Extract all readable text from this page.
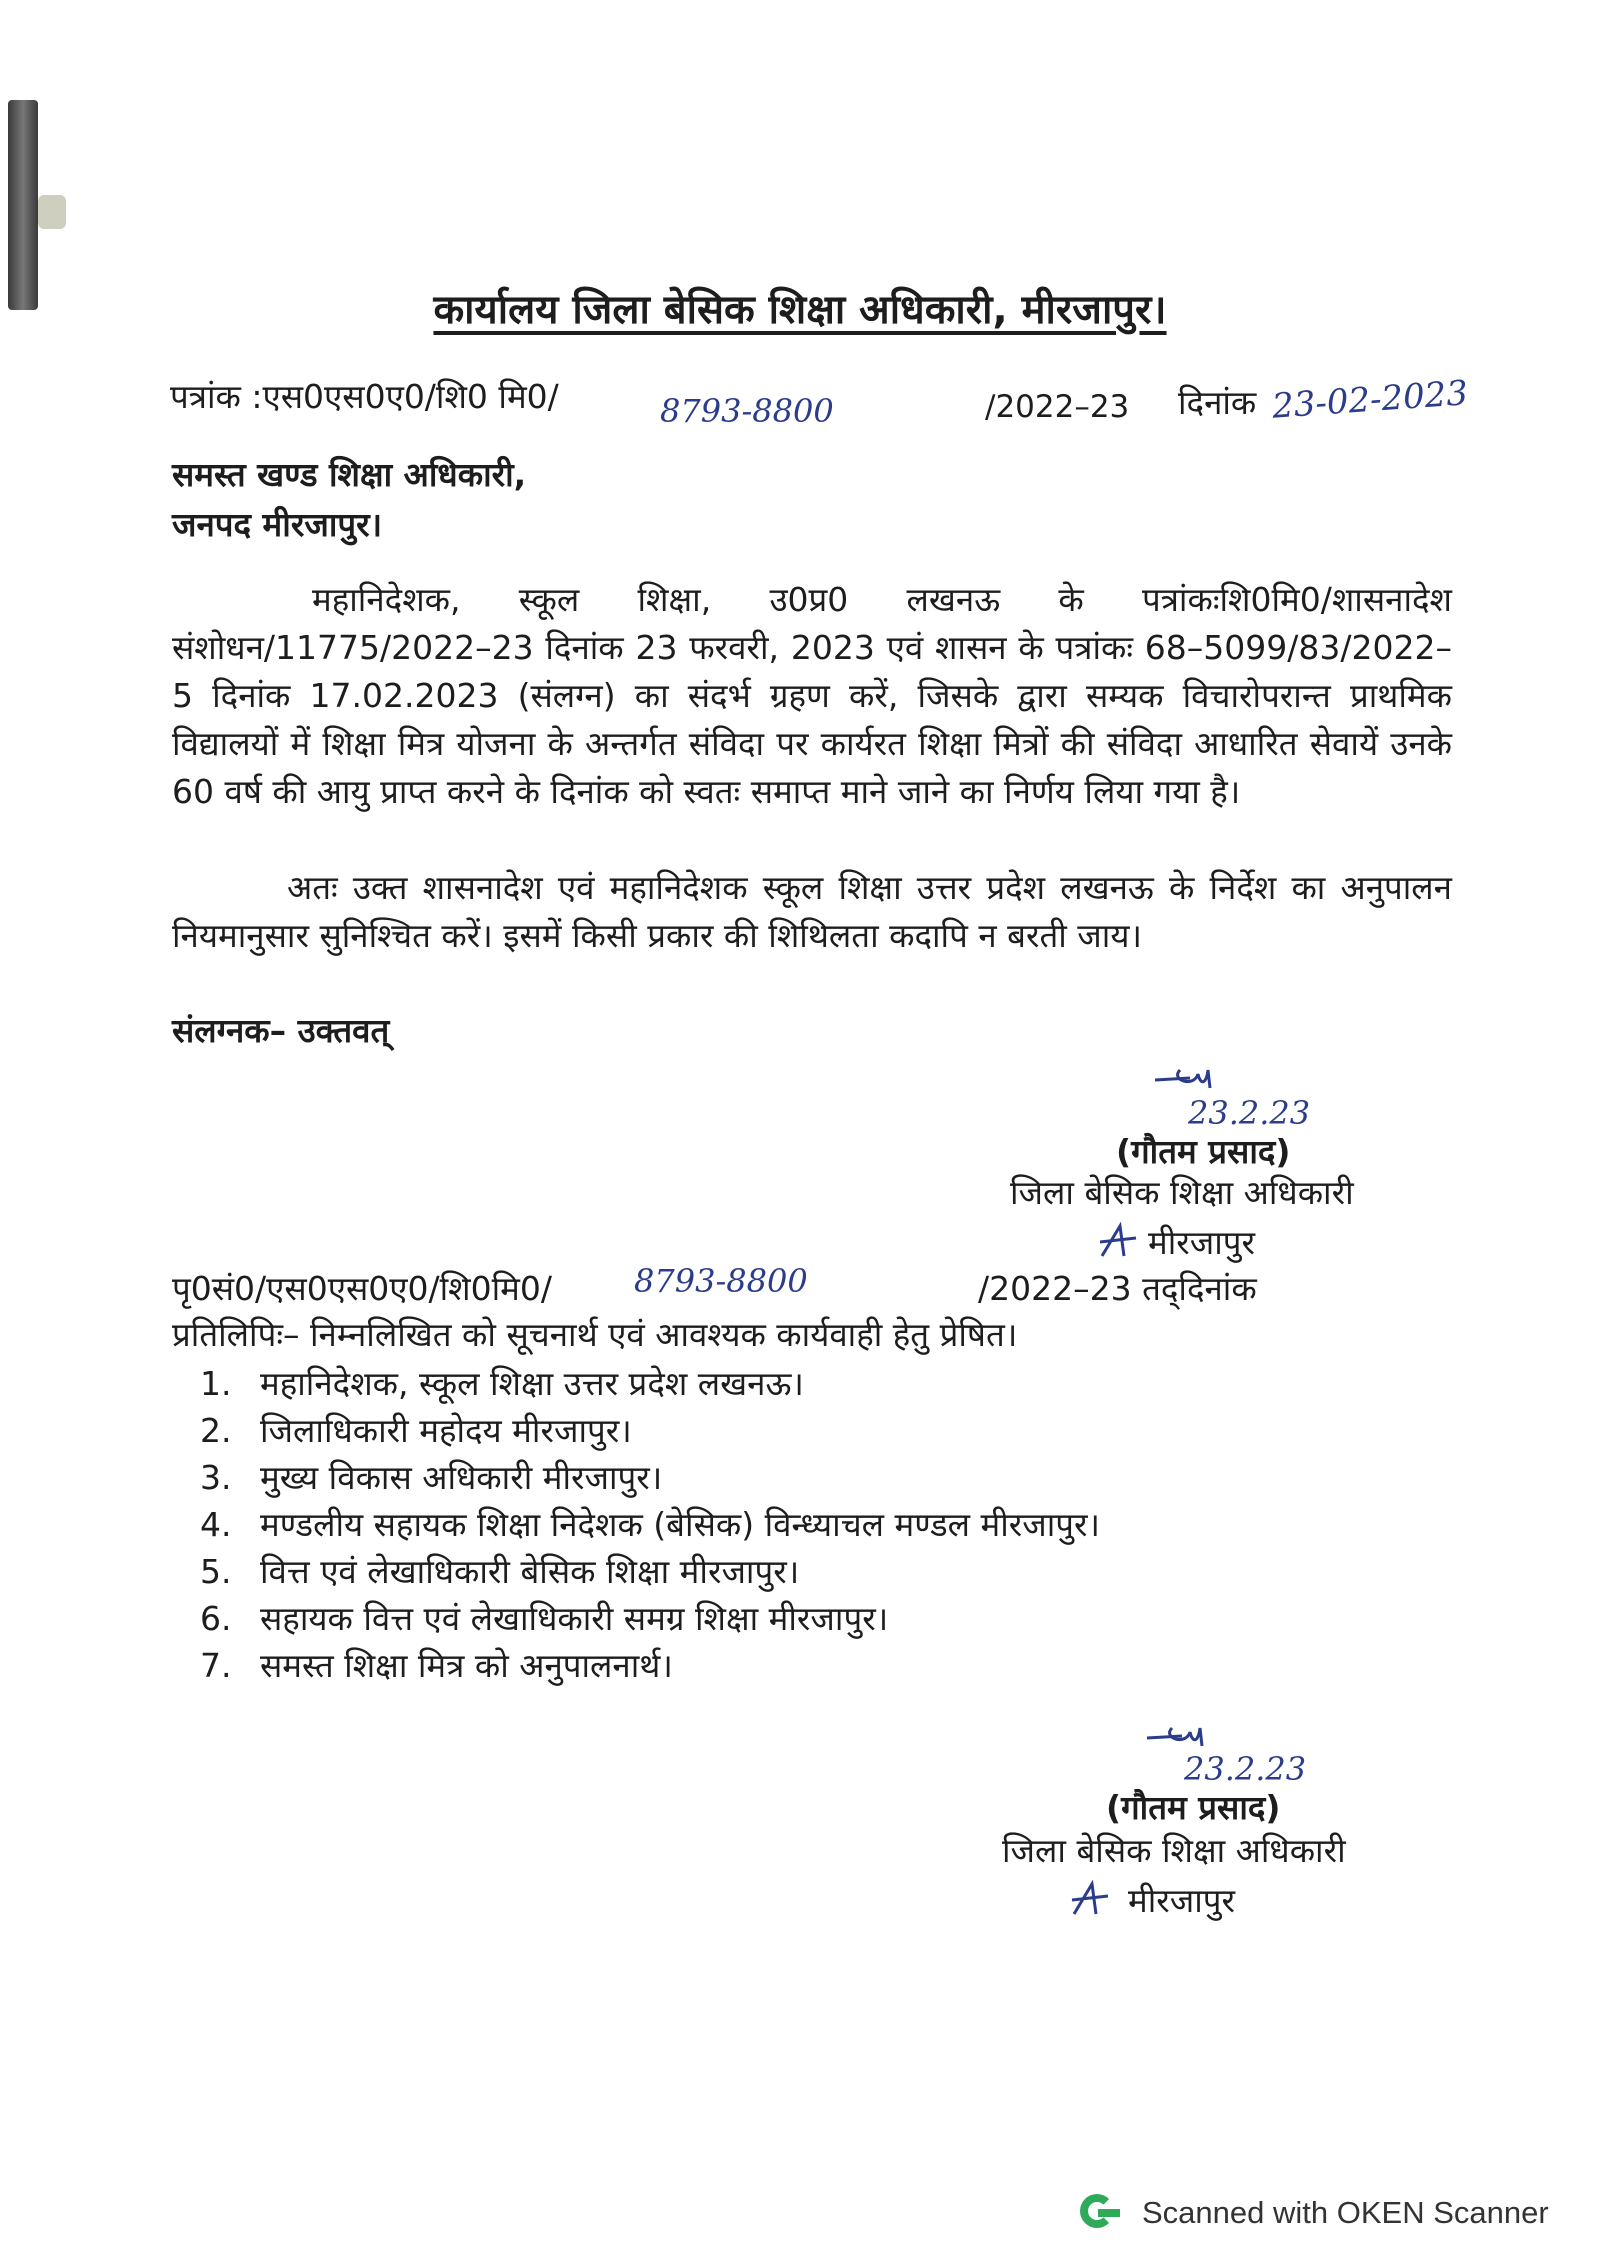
कार्यालय जिला बेसिक शिक्षा अधिकारी, मीरजापुर।
पत्रांक :एस0एस0ए0/शि0 मि0/	8793-8800	/2022–23 दिनांक 23-02-2023
समस्त खण्ड शिक्षा अधिकारी,
जनपद मीरजापुर।
महानिदेशक, स्कूल शिक्षा, उ0प्र0 लखनऊ के पत्रांकःशि0मि0/शासनादेश संशोधन/11775/2022–23 दिनांक 23 फरवरी, 2023 एवं शासन के पत्रांकः 68–5099/83/2022–5 दिनांक 17.02.2023 (संलग्न) का संदर्भ ग्रहण करें, जिसके द्वारा सम्यक विचारोपरान्त प्राथमिक विद्यालयों में शिक्षा मित्र योजना के अन्तर्गत संविदा पर कार्यरत शिक्षा मित्रों की संविदा आधारित सेवायें उनके 60 वर्ष की आयु प्राप्त करने के दिनांक को स्वतः समाप्त माने जाने का निर्णय लिया गया है।
अतः उक्त शासनादेश एवं महानिदेशक स्कूल शिक्षा उत्तर प्रदेश लखनऊ के निर्देश का अनुपालन नियमानुसार सुनिश्चित करें। इसमें किसी प्रकार की शिथिलता कदापि न बरती जाय।
संलग्नक– उक्तवत्
23.2.23
(गौतम प्रसाद)
जिला बेसिक शिक्षा अधिकारी
मीरजापुर
पृ0सं0/एस0एस0ए0/शि0मि0/	8793-8800	/2022–23 तद्‌दिनांक
प्रतिलिपिः– निम्नलिखित को सूचनार्थ एवं आवश्यक कार्यवाही हेतु प्रेषित।
1. महानिदेशक, स्कूल शिक्षा उत्तर प्रदेश लखनऊ।
2. जिलाधिकारी महोदय मीरजापुर।
3. मुख्य विकास अधिकारी मीरजापुर।
4. मण्डलीय सहायक शिक्षा निदेशक (बेसिक) विन्ध्याचल मण्डल मीरजापुर।
5. वित्त एवं लेखाधिकारी बेसिक शिक्षा मीरजापुर।
6. सहायक वित्त एवं लेखाधिकारी समग्र शिक्षा मीरजापुर।
7. समस्त शिक्षा मित्र को अनुपालनार्थ।
23.2.23
(गौतम प्रसाद)
जिला बेसिक शिक्षा अधिकारी
मीरजापुर
Scanned with OKEN Scanner
